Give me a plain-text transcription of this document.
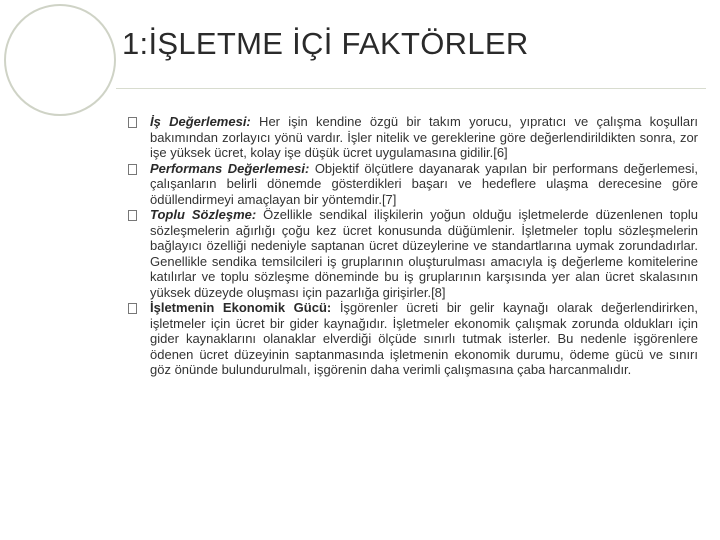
1:İŞLETME İÇİ FAKTÖRLER
İş Değerlemesi: Her işin kendine özgü bir takım yorucu, yıpratıcı ve çalışma koşulları bakımından zorlayıcı yönü vardır. İşler nitelik ve gereklerine göre değerlendirildikten sonra, zor işe yüksek ücret, kolay işe düşük ücret uygulamasına gidilir.[6]
Performans Değerlemesi: Objektif ölçütlere dayanarak yapılan bir performans değerlemesi, çalışanların belirli dönemde gösterdikleri başarı ve hedeflere ulaşma derecesine göre ödüllendirmeyi amaçlayan bir yöntemdir.[7]
Toplu Sözleşme: Özellikle sendikal ilişkilerin yoğun olduğu işletmelerde düzenlenen toplu sözleşmelerin ağırlığı çoğu kez ücret konusunda düğümlenir. İşletmeler toplu sözleşmelerin bağlayıcı özelliği nedeniyle saptanan ücret düzeylerine ve standartlarına uymak zorundadırlar. Genellikle sendika temsilcileri iş gruplarının oluşturulması amacıyla iş değerleme komitelerine katılırlar ve toplu sözleşme döneminde bu iş gruplarının karşısında yer alan ücret skalasının yüksek düzeyde oluşması için pazarlığa girişirler.[8]
İşletmenin Ekonomik Gücü: İşgörenler ücreti bir gelir kaynağı olarak değerlendirirken, işletmeler için ücret bir gider kaynağıdır. İşletmeler ekonomik çalışmak zorunda oldukları için gider kaynaklarını olanaklar elverdiği ölçüde sınırlı tutmak isterler. Bu nedenle işgörenlere ödenen ücret düzeyinin saptanmasında işletmenin ekonomik durumu, ödeme gücü ve sınırı göz önünde bulundurulmalı, işgörenin daha verimli çalışmasına çaba harcanmalıdır.
